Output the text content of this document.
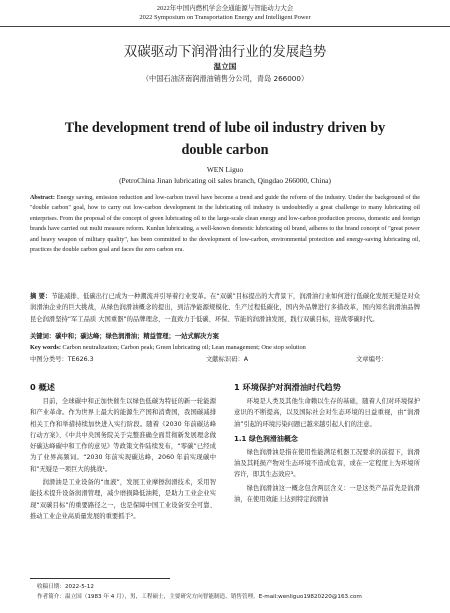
2022年中国内燃机学会全通能源与智能动力大会
2022 Symposium on Transportation Energy and Intelligent Power
双碳驱动下润滑油行业的发展趋势
温立国
（中国石油济南润滑油销售分公司，青岛 266000）
The development trend of lube oil industry driven by double carbon
WEN Liguo
(PetroChina Jinan lubricating oil sales branch, Qingdao 266000, China)
Abstract: Energy saving, emission reduction and low-carbon travel have become a trend and guide the reform of the industry. Under the background of the "double carbon" goal, how to carry out low-carbon development in the lubricating oil industry is undoubtedly a great challenge to many lubricating oil enterprises. From the proposal of the concept of green lubricating oil to the large-scale clean energy and low-carbon production process, domestic and foreign brands have carried out multi measure reform. Kunlun lubricating, a well-known domestic lubricating oil brand, adheres to the brand concept of "great power and heavy weapon of military quality", has been committed to the development of low-carbon, environmental protection and energy-saving lubricating oil, practices the double carbon goal and faces the zero carbon era.
摘 要：节能减排、低碳出行已成为一种潮流并引导着行业变革。在“双碳”目标提出的大背景下，润滑油行业如何进行低碳化发展无疑是对众润滑油企业的巨大挑战，从绿色润滑油概念的提出，到洁净能源规模化、生产过程低碳化，国内外品牌进行多措改革，国内知名润滑油品牌昆仑润滑坚持“军工品质 大国重器”的品牌理念，一直致力于低碳、环保、节能的润滑油发展，践行双碳目标，迎战零碳时代。
关键词：碳中和；碳达峰；绿色润滑油；精益管理；一站式解决方案
Key words: Carbon neutralization; Carbon peak; Green lubricating oil; Lean management; One stop solution
中图分类号：TE626.3	文献标识码：A	文章编号：
0 概述

目前，全球碳中和正加快催生以绿色低碳为特征的新一轮能源和产业革命。作为世界上最大的能源生产国和消费国，我国碳减排相关工作和举措持续加快进入实行阶段。随着《2030 年前碳达峰行动方案》、《中共中央国务院关于完整准确全面贯彻新发展理念做好碳达峰碳中和工作的意见》等政策文件陆续发布，“零碳”已经成为了业界高频词。“2030 年前实现碳达峰，2060 年前实现碳中和”无疑是一项巨大的挑战¹。

润滑油是工业设备的“血液”，发展工业摩擦润滑技术，采用智能技术提升设备润滑管理，减少磨损降低油耗，是助力工业企业实现“双碳目标”的重要路径之一，也是保障中国工业设备安全可靠、推动工业企业高质量发展的重要抓手²。

1 环境保护对润滑油时代趋势

环境是人类及其他生命赖以生存的基础，随着人们对环境保护意识的不断提高，以及国际社会对生态环境的日益重视，由“润滑油”引起的环境污染问题已越来越引起人们的注意。

1.1 绿色润滑油概念

绿色润滑油是指在使用性能满足机器工况要求的前提下，润滑油及其耗损产物对生态环境不造成危害，或在一定程度上为环境所容许，即其生态效应³。

绿色润滑油这一概念包含两层含义：一是这类产品首先是润滑油，在使用效能上达到特定润滑油

收稿日期：2022-5-12
作者简介：温立国（1983 年 4 月），男，工程硕士，主要研究方向智能制造、销售管理。E-mail:wenliguo19820220@163.com
